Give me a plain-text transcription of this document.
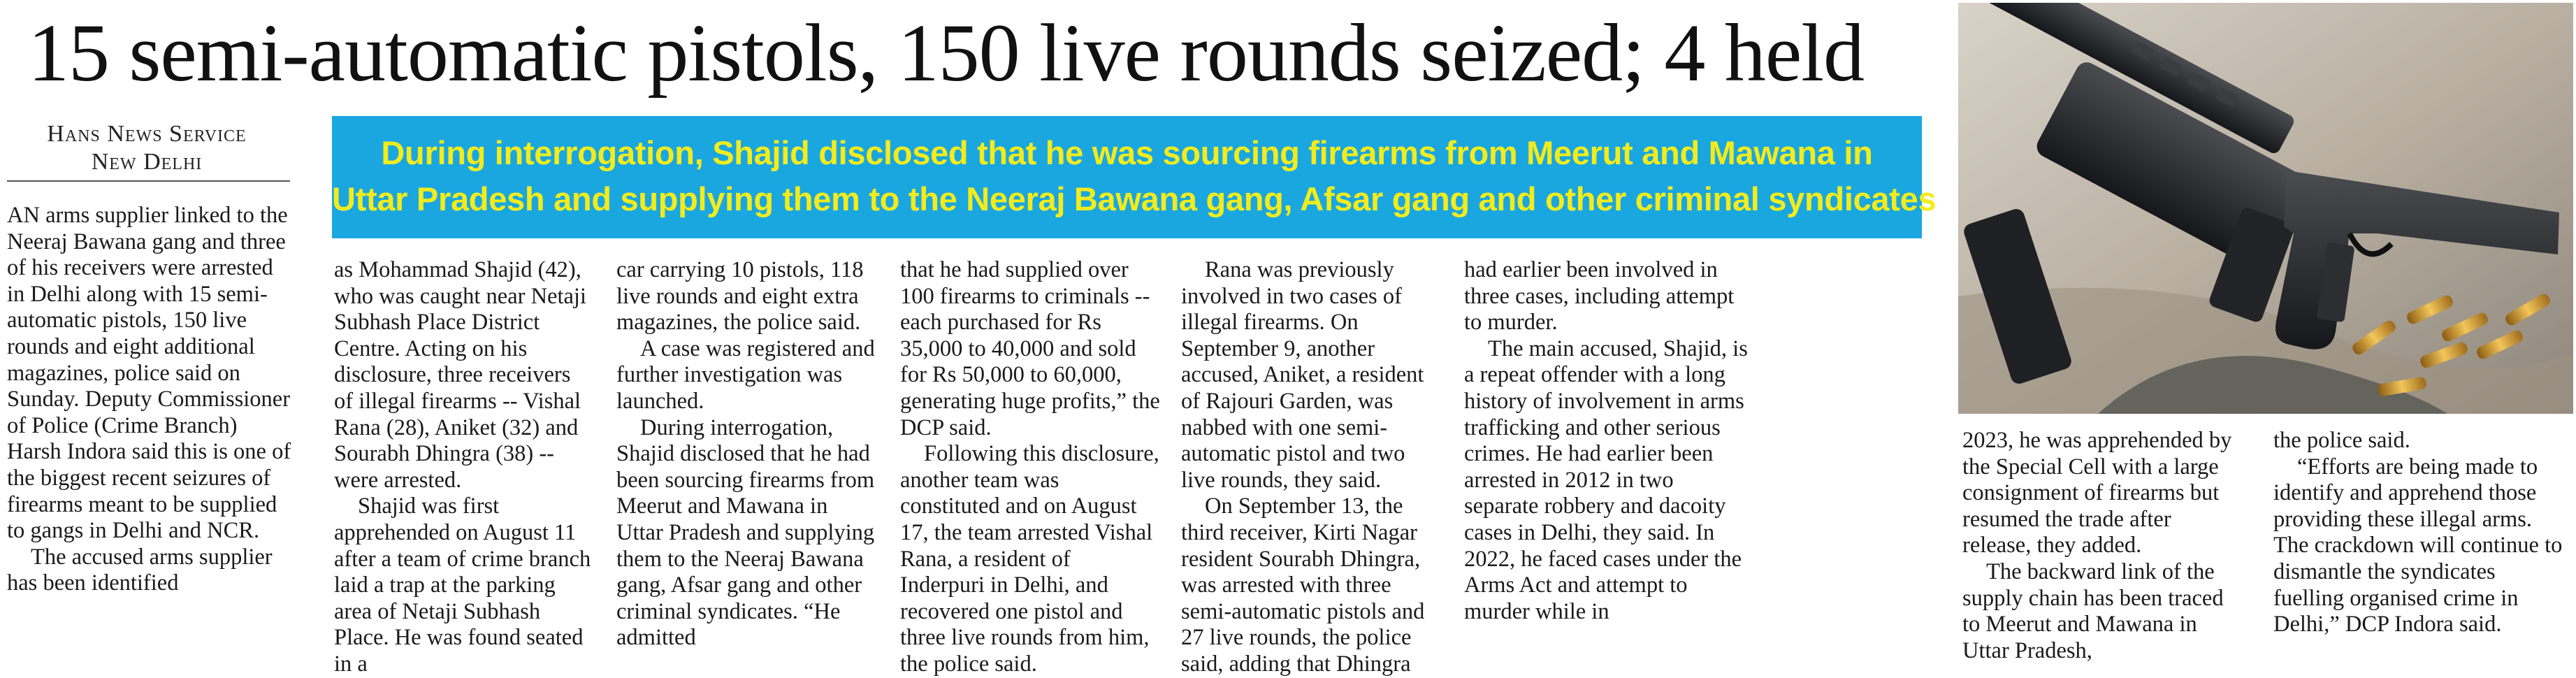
15 semi-automatic pistols, 150 live rounds seized; 4 held
Hans News Service
New Delhi	During interrogation, Shajid disclosed that he was sourcing firearms from Meerut and Mawana in
Uttar Pradesh and supplying them to the Neeraj Bawana gang, Afsar gang and other criminal syndicates

AN arms supplier linked to the Neeraj Bawana gang and three of his receivers were arrested in Delhi along with 15 semi-automatic pistols, 150 live rounds and eight additional magazines, police said on Sunday. Deputy Commissioner of Police (Crime Branch) Harsh Indora said this is one of the biggest recent seizures of firearms meant to be supplied to gangs in Delhi and NCR.

The accused arms supplier has been identified

as Mohammad Shajid (42), who was caught near Netaji Subhash Place District Centre. Acting on his disclosure, three receivers of illegal firearms -- Vishal Rana (28), Aniket (32) and Sourabh Dhingra (38) -- were arrested.

Shajid was first apprehended on August 11 after a team of crime branch laid a trap at the parking area of Netaji Subhash Place. He was found seated in a

car carrying 10 pistols, 118 live rounds and eight extra magazines, the police said.

A case was registered and further investigation was launched.

During interrogation, Shajid disclosed that he had been sourcing firearms from Meerut and Mawana in Uttar Pradesh and supplying them to the Neeraj Bawana gang, Afsar gang and other criminal syndicates. “He admitted

that he had supplied over 100 firearms to criminals -- each purchased for Rs 35,000 to 40,000 and sold for Rs 50,000 to 60,000, generating huge profits,” the DCP said.

Following this disclosure, another team was constituted and on August 17, the team arrested Vishal Rana, a resident of Inderpuri in Delhi, and recovered one pistol and three live rounds from him, the police said.

Rana was previously involved in two cases of illegal firearms. On September 9, another accused, Aniket, a resident of Rajouri Garden, was nabbed with one semi-automatic pistol and two live rounds, they said.

On September 13, the third receiver, Kirti Nagar resident Sourabh Dhingra, was arrested with three semi-automatic pistols and 27 live rounds, the police said, adding that Dhingra

had earlier been involved in three cases, including attempt to murder.

The main accused, Shajid, is a repeat offender with a long history of involvement in arms trafficking and other serious crimes. He had earlier been arrested in 2012 in two separate robbery and dacoity cases in Delhi, they said. In 2022, he faced cases under the Arms Act and attempt to murder while in

2023, he was apprehended by the Special Cell with a large consignment of firearms but resumed the trade after release, they added.

The backward link of the supply chain has been traced to Meerut and Mawana in Uttar Pradesh,

the police said.

“Efforts are being made to identify and apprehend those providing these illegal arms. The crackdown will continue to dismantle the syndicates fuelling organised crime in Delhi,” DCP Indora said.
